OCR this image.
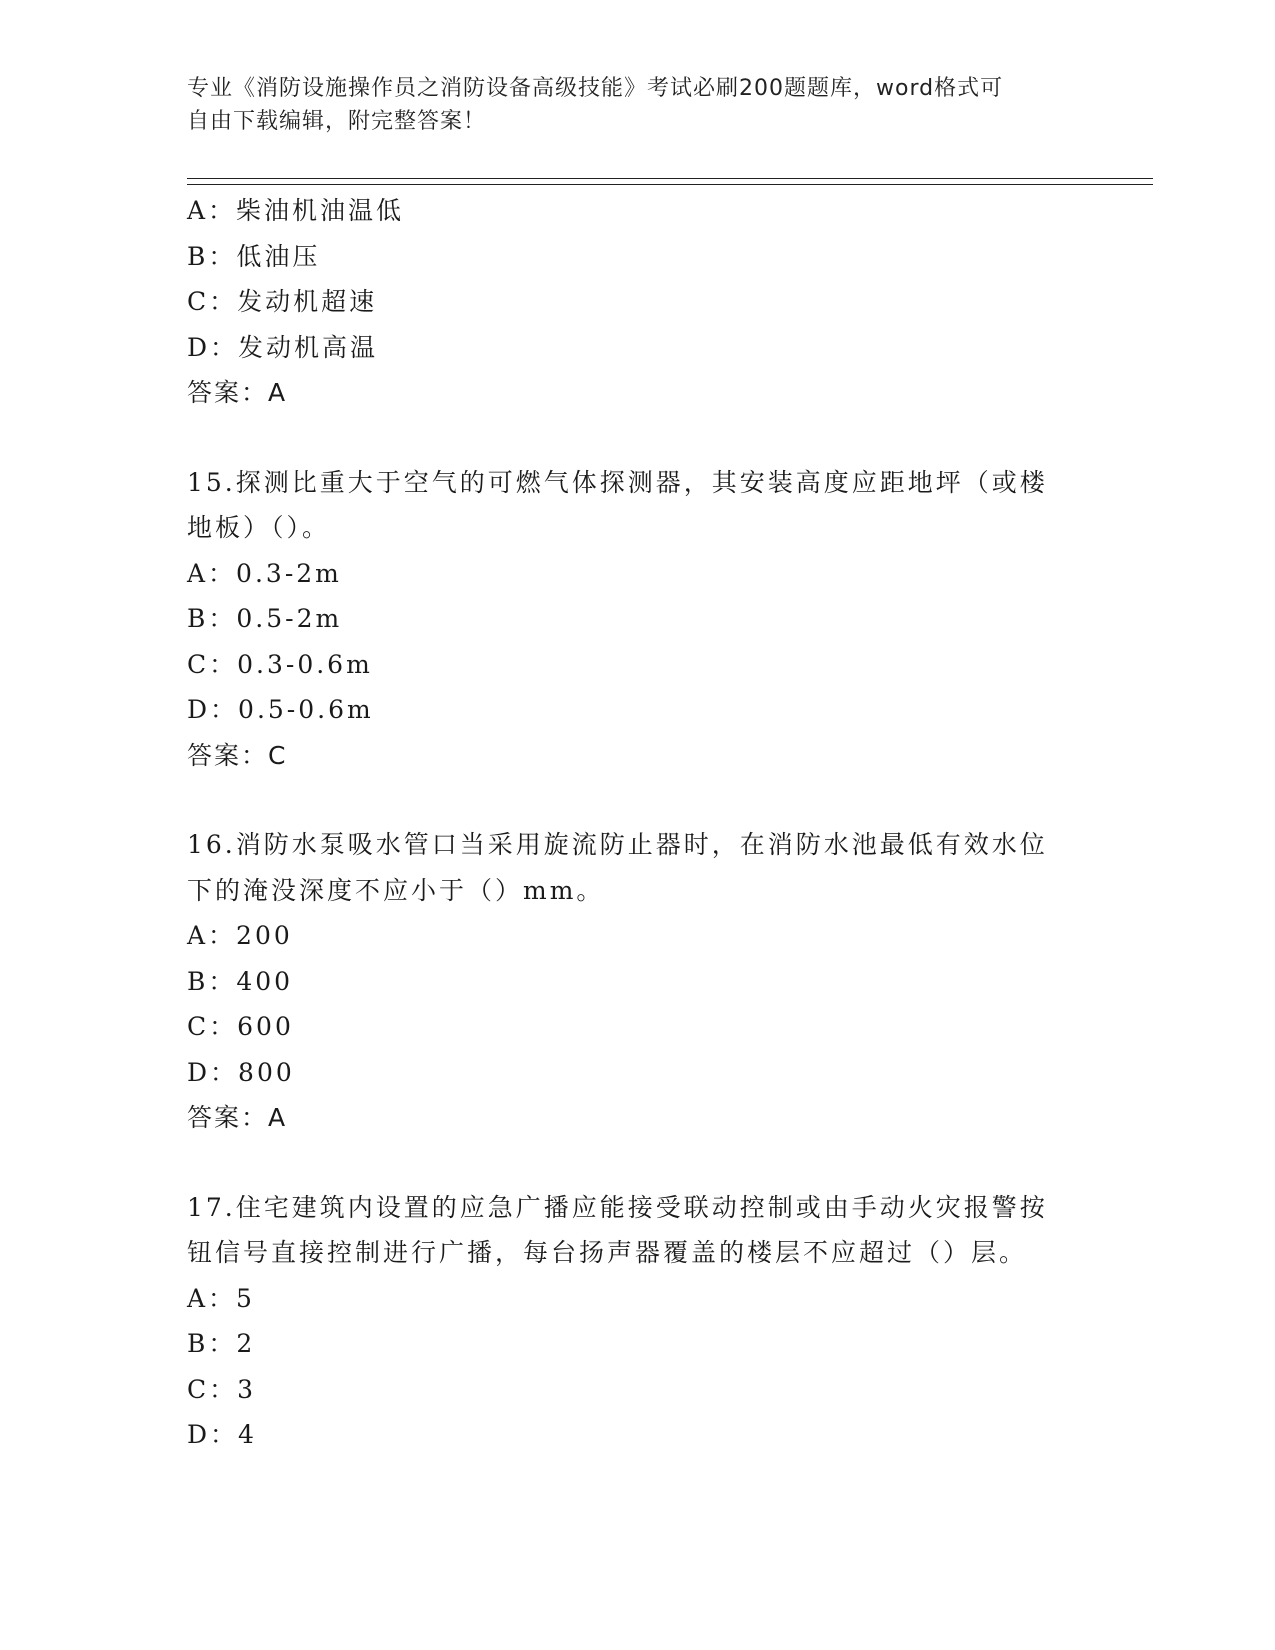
专业《消防设施操作员之消防设备高级技能》考试必刷200题题库，word格式可
自由下载编辑，附完整答案！
A：柴油机油温低
B：低油压
C：发动机超速
D：发动机高温
答案：A
15.探测比重大于空气的可燃气体探测器，其安装高度应距地坪（或楼
地板）（）。
A：0.3-2m
B：0.5-2m
C：0.3-0.6m
D：0.5-0.6m
答案：C
16.消防水泵吸水管口当采用旋流防止器时，在消防水池最低有效水位
下的淹没深度不应小于（）mm。
A：200
B：400
C：600
D：800
答案：A
17.住宅建筑内设置的应急广播应能接受联动控制或由手动火灾报警按
钮信号直接控制进行广播，每台扬声器覆盖的楼层不应超过（）层。
A：5
B：2
C：3
D：4
